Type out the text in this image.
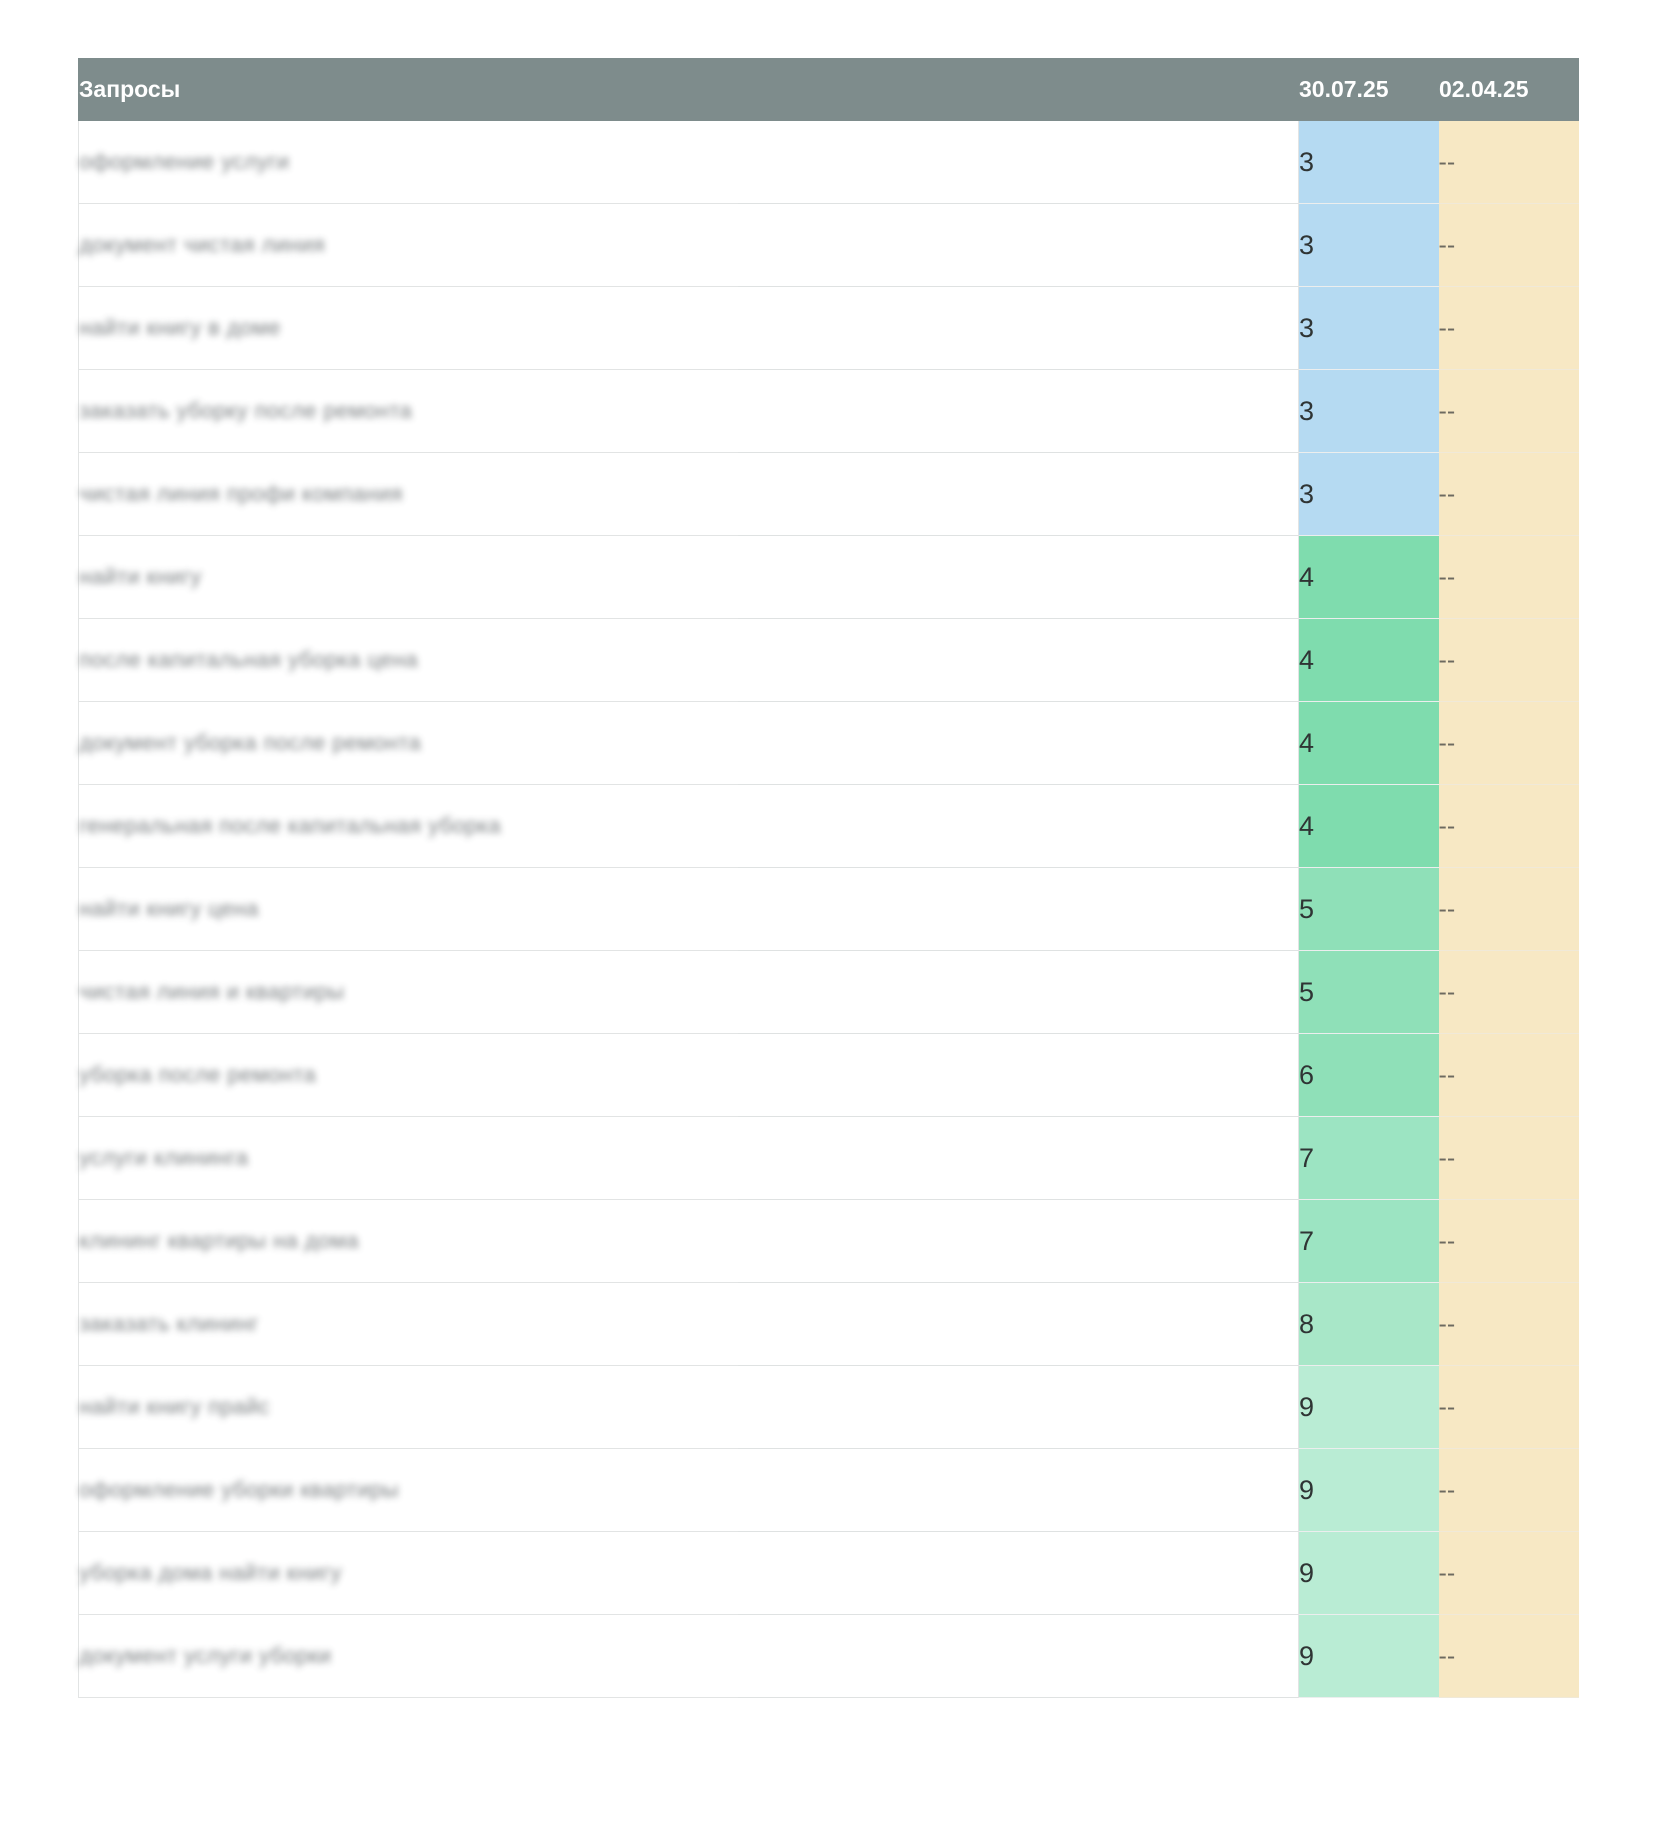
Запросы	30.07.25	02.04.25

оформление услуги	3	--

документ чистая линия	3	--

найти книгу в доме	3	--

заказать уборку после ремонта	3	--

чистая линия профи компания	3	--

найти книгу	4	--

после капитальная уборка цена	4	--

документ уборка после ремонта	4	--

генеральная после капитальная уборка	4	--

найти книгу цена	5	--

чистая линия и квартиры	5	--

уборка после ремонта	6	--

услуги клининга	7	--

клининг квартиры на дома	7	--

заказать клининг	8	--

найти книгу прайс	9	--

оформление уборки квартиры	9	--

уборка дома найти книгу	9	--

документ услуги уборки	9	--
